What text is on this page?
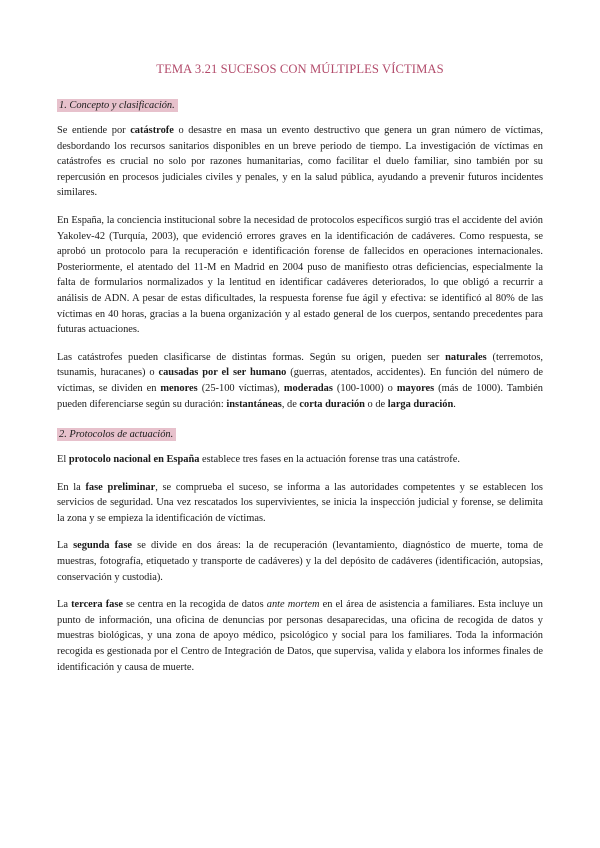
TEMA 3.21 SUCESOS CON MÚLTIPLES VÍCTIMAS
1. Concepto y clasificación.

Se entiende por catástrofe o desastre en masa un evento destructivo que genera un gran número de víctimas, desbordando los recursos sanitarios disponibles en un breve periodo de tiempo. La investigación de víctimas en catástrofes es crucial no solo por razones humanitarias, como facilitar el duelo familiar, sino también por su repercusión en procesos judiciales civiles y penales, y en la salud pública, ayudando a prevenir futuros incidentes similares.

En España, la conciencia institucional sobre la necesidad de protocolos específicos surgió tras el accidente del avión Yakolev-42 (Turquía, 2003), que evidenció errores graves en la identificación de cadáveres. Como respuesta, se aprobó un protocolo para la recuperación e identificación forense de fallecidos en operaciones internacionales. Posteriormente, el atentado del 11-M en Madrid en 2004 puso de manifiesto otras deficiencias, especialmente la falta de formularios normalizados y la lentitud en identificar cadáveres deteriorados, lo que obligó a recurrir a análisis de ADN. A pesar de estas dificultades, la respuesta forense fue ágil y efectiva: se identificó al 80% de las víctimas en 40 horas, gracias a la buena organización y al estado general de los cuerpos, sentando precedentes para futuras actuaciones.

Las catástrofes pueden clasificarse de distintas formas. Según su origen, pueden ser naturales (terremotos, tsunamis, huracanes) o causadas por el ser humano (guerras, atentados, accidentes). En función del número de víctimas, se dividen en menores (25-100 víctimas), moderadas (100-1000) o mayores (más de 1000). También pueden diferenciarse según su duración: instantáneas, de corta duración o de larga duración.

2. Protocolos de actuación.

El protocolo nacional en España establece tres fases en la actuación forense tras una catástrofe.

En la fase preliminar, se comprueba el suceso, se informa a las autoridades competentes y se establecen los servicios de seguridad. Una vez rescatados los supervivientes, se inicia la inspección judicial y forense, se delimita la zona y se empieza la identificación de víctimas.

La segunda fase se divide en dos áreas: la de recuperación (levantamiento, diagnóstico de muerte, toma de muestras, fotografía, etiquetado y transporte de cadáveres) y la del depósito de cadáveres (identificación, autopsias, conservación y custodia).

La tercera fase se centra en la recogida de datos ante mortem en el área de asistencia a familiares. Esta incluye un punto de información, una oficina de denuncias por personas desaparecidas, una oficina de recogida de datos y muestras biológicas, y una zona de apoyo médico, psicológico y social para los familiares. Toda la información recogida es gestionada por el Centro de Integración de Datos, que supervisa, valida y elabora los informes finales de identificación y causa de muerte.
